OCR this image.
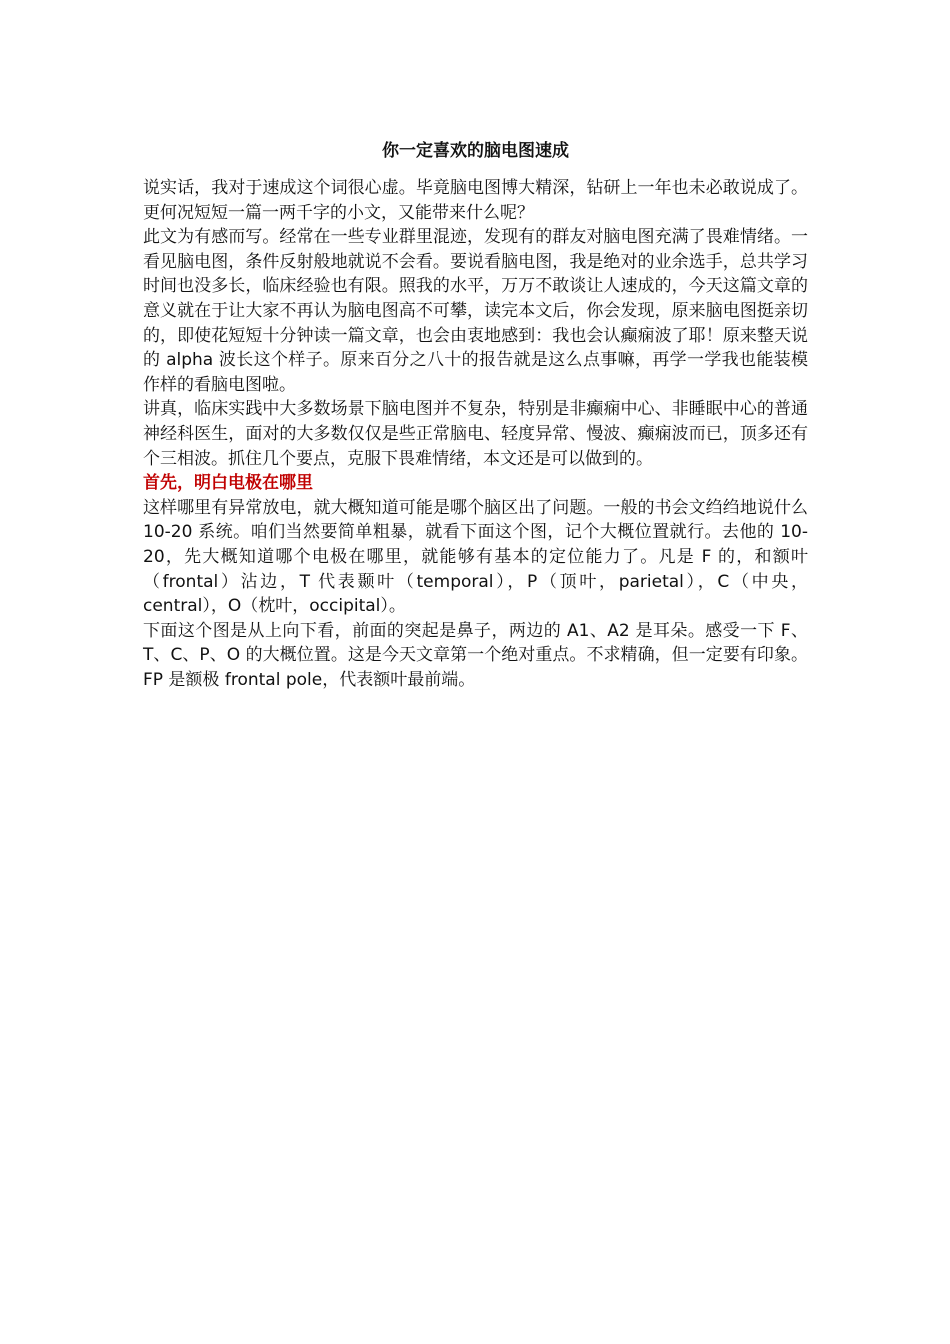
你一定喜欢的脑电图速成

说实话，我对于速成这个词很心虚。毕竟脑电图博大精深，钻研上一年也未必敢说成了。更何况短短一篇一两千字的小文，又能带来什么呢？

此文为有感而写。经常在一些专业群里混迹，发现有的群友对脑电图充满了畏难情绪。一看见脑电图，条件反射般地就说不会看。要说看脑电图，我是绝对的业余选手，总共学习时间也没多长，临床经验也有限。照我的水平，万万不敢谈让人速成的，今天这篇文章的意义就在于让大家不再认为脑电图高不可攀，读完本文后，你会发现，原来脑电图挺亲切的，即使花短短十分钟读一篇文章，也会由衷地感到：我也会认癫痫波了耶！原来整天说的 alpha 波长这个样子。原来百分之八十的报告就是这么点事嘛，再学一学我也能装模作样的看脑电图啦。

讲真，临床实践中大多数场景下脑电图并不复杂，特别是非癫痫中心、非睡眠中心的普通神经科医生，面对的大多数仅仅是些正常脑电、轻度异常、慢波、癫痫波而已，顶多还有个三相波。抓住几个要点，克服下畏难情绪，本文还是可以做到的。

首先，明白电极在哪里

这样哪里有异常放电，就大概知道可能是哪个脑区出了问题。一般的书会文绉绉地说什么 10-20 系统。咱们当然要简单粗暴，就看下面这个图，记个大概位置就行。去他的 10-20，先大概知道哪个电极在哪里，就能够有基本的定位能力了。凡是 F 的，和额叶（frontal）沾边，T 代表颞叶（temporal），P（顶叶，parietal），C（中央，central），O（枕叶，occipital）。

下面这个图是从上向下看，前面的突起是鼻子，两边的 A1、A2 是耳朵。感受一下 F、T、C、P、O 的大概位置。这是今天文章第一个绝对重点。不求精确，但一定要有印象。FP 是额极 frontal pole，代表额叶最前端。
